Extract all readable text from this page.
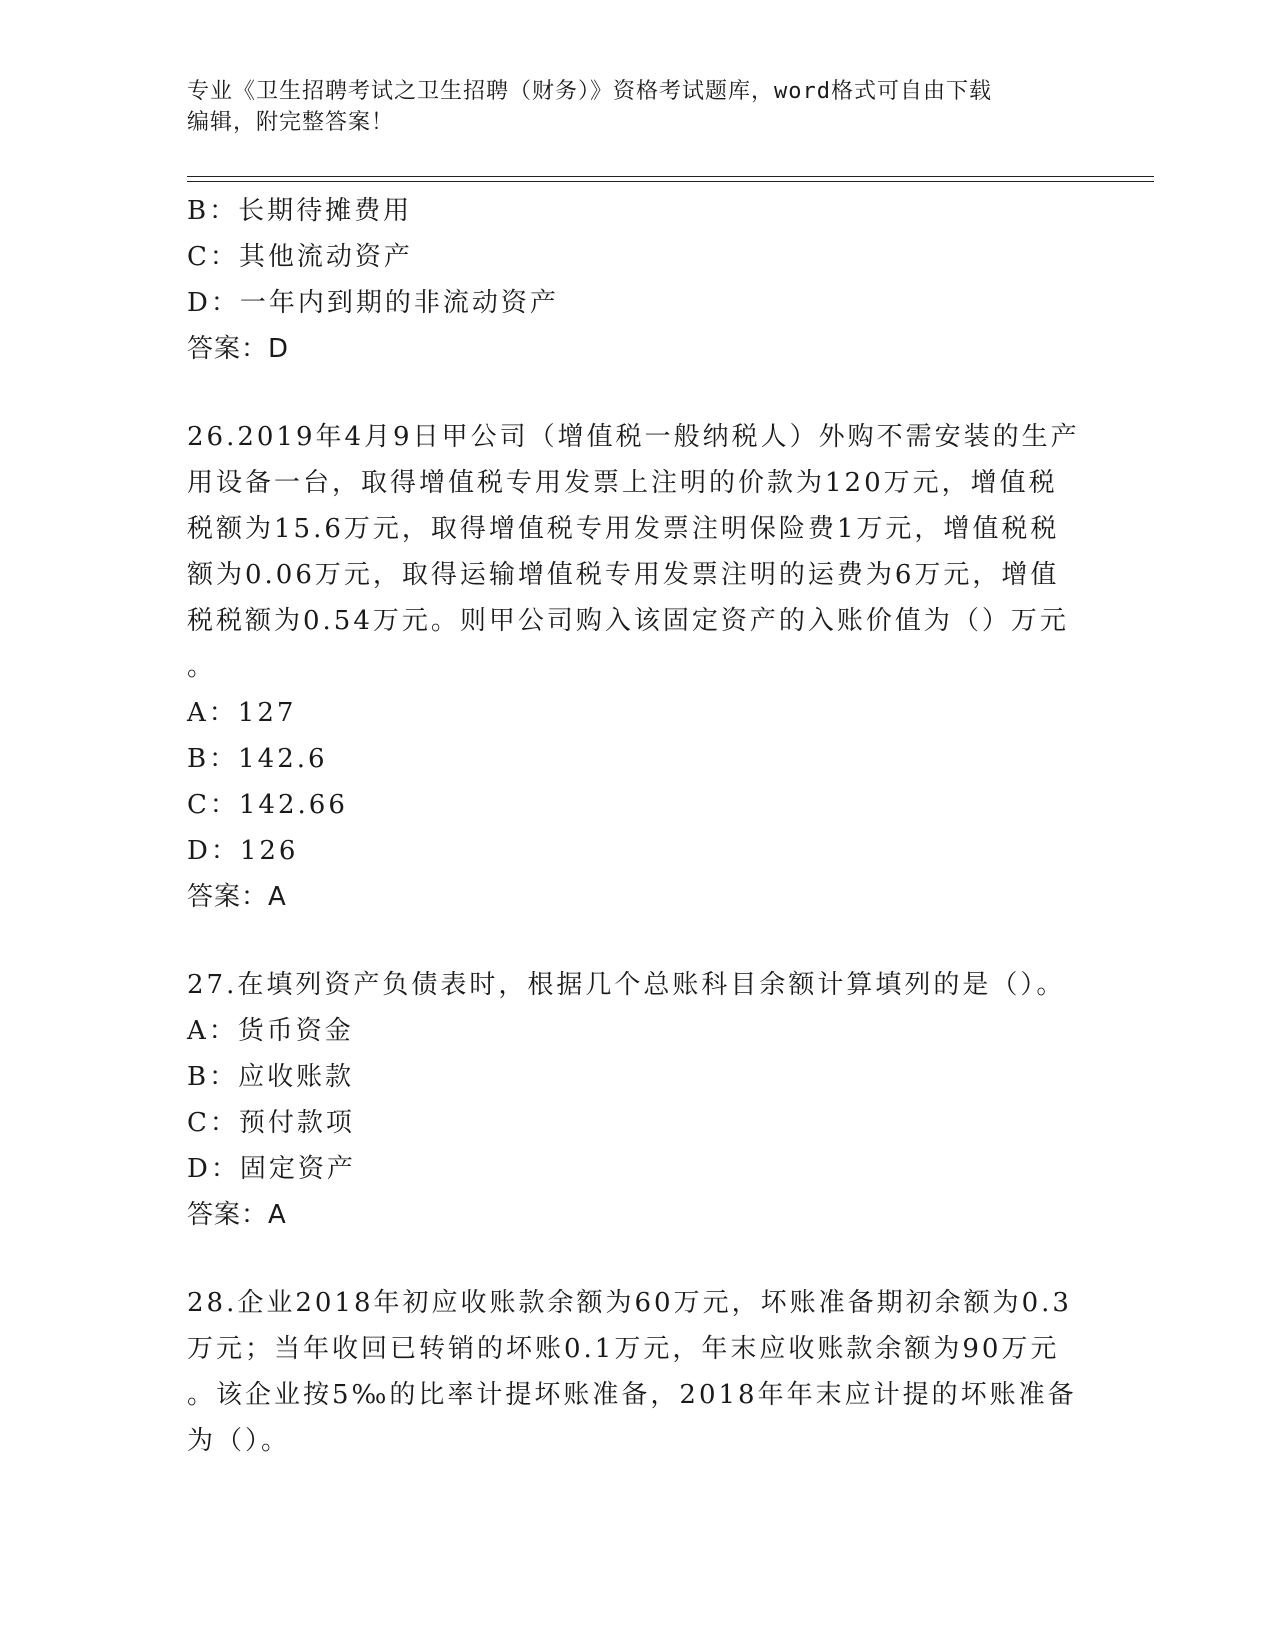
专业《卫生招聘考试之卫生招聘（财务）》资格考试题库，word格式可自由下载
编辑，附完整答案！
B：长期待摊费用
C：其他流动资产
D：一年内到期的非流动资产
答案：D
26.2019年4月9日甲公司（增值税一般纳税人）外购不需安装的生产
用设备一台，取得增值税专用发票上注明的价款为120万元，增值税
税额为15.6万元，取得增值税专用发票注明保险费1万元，增值税税
额为0.06万元，取得运输增值税专用发票注明的运费为6万元，增值
税税额为0.54万元。则甲公司购入该固定资产的入账价值为（）万元
。
A：127
B：142.6
C：142.66
D：126
答案：A
27.在填列资产负债表时，根据几个总账科目余额计算填列的是（）。
A：货币资金
B：应收账款
C：预付款项
D：固定资产
答案：A
28.企业2018年初应收账款余额为60万元，坏账准备期初余额为0.3
万元；当年收回已转销的坏账0.1万元，年末应收账款余额为90万元
。该企业按5‰的比率计提坏账准备，2018年年末应计提的坏账准备
为（）。
